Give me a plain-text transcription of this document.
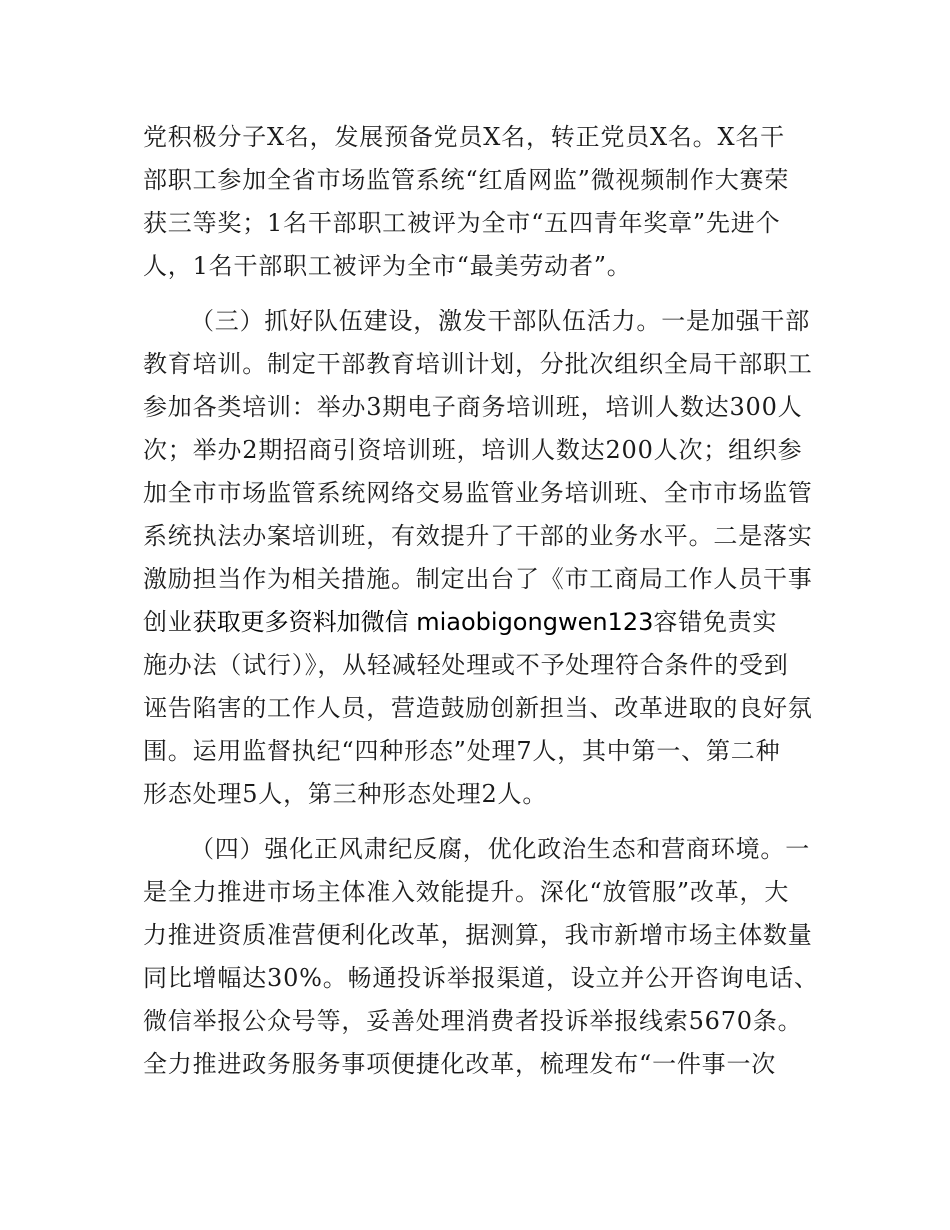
党积极分子X名，发展预备党员X名，转正党员X名。X名干
部职工参加全省市场监管系统“红盾网监”微视频制作大赛荣
获三等奖；1名干部职工被评为全市“五四青年奖章”先进个
人，1名干部职工被评为全市“最美劳动者”。
（三）抓好队伍建设，激发干部队伍活力。一是加强干部
教育培训。制定干部教育培训计划，分批次组织全局干部职工
参加各类培训：举办3期电子商务培训班，培训人数达300人
次；举办2期招商引资培训班，培训人数达200人次；组织参
加全市市场监管系统网络交易监管业务培训班、全市市场监管
系统执法办案培训班，有效提升了干部的业务水平。二是落实
激励担当作为相关措施。制定出台了《市工商局工作人员干事
创业获取更多资料加微信 miaobigongwen123容错免责实
施办法（试行）》，从轻减轻处理或不予处理符合条件的受到
诬告陷害的工作人员，营造鼓励创新担当、改革进取的良好氛
围。运用监督执纪“四种形态”处理7人，其中第一、第二种
形态处理5人，第三种形态处理2人。
（四）强化正风肃纪反腐，优化政治生态和营商环境。一
是全力推进市场主体准入效能提升。深化“放管服”改革，大
力推进资质准营便利化改革，据测算，我市新增市场主体数量
同比增幅达30%。畅通投诉举报渠道，设立并公开咨询电话、
微信举报公众号等，妥善处理消费者投诉举报线索5670条。
全力推进政务服务事项便捷化改革，梳理发布“一件事一次
